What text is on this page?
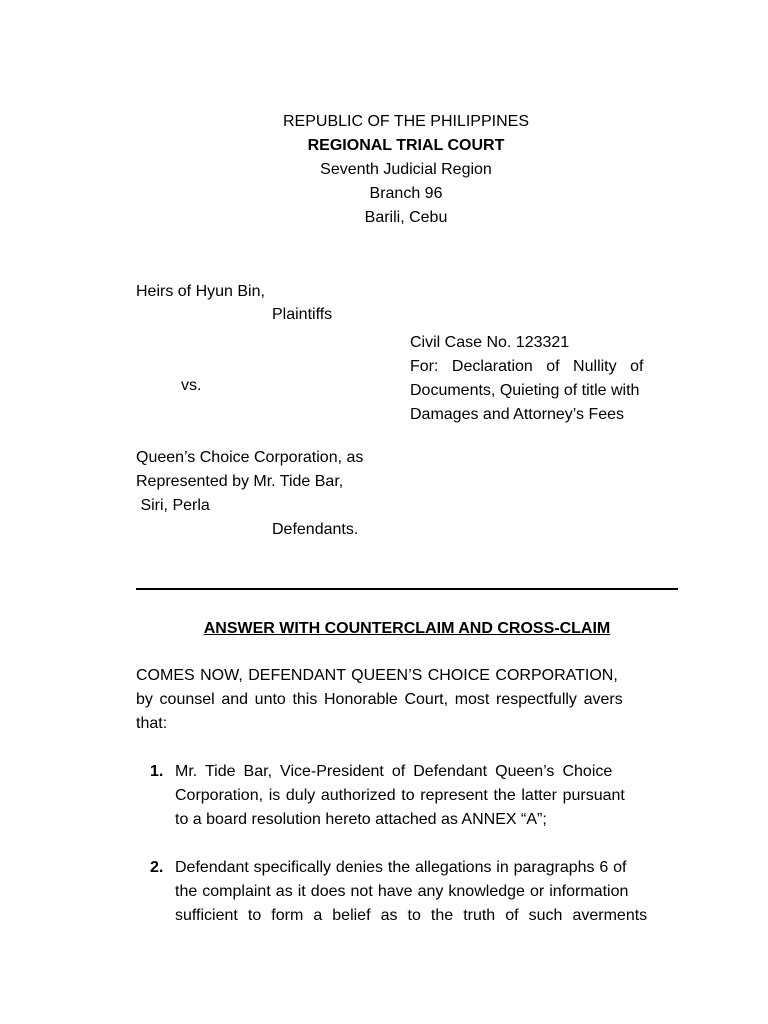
REPUBLIC OF THE PHILIPPINES
REGIONAL TRIAL COURT
Seventh Judicial Region
Branch 96
Barili, Cebu
Heirs of Hyun Bin,
Plaintiffs
vs.
Queen’s Choice Corporation, as
Represented by Mr. Tide Bar,
Siri, Perla
Defendants.
Civil Case No. 123321
For: Declaration of Nullity of
Documents, Quieting of title with
Damages and Attorney’s Fees
ANSWER WITH COUNTERCLAIM AND CROSS-CLAIM
COMES NOW, DEFENDANT QUEEN’S CHOICE CORPORATION,
by counsel and unto this Honorable Court, most respectfully avers
that:
1. Mr. Tide Bar, Vice-President of Defendant Queen’s Choice
Corporation, is duly authorized to represent the latter pursuant
to a board resolution hereto attached as ANNEX “A”;
2. Defendant specifically denies the allegations in paragraphs 6 of
the complaint as it does not have any knowledge or information
sufficient to form a belief as to the truth of such averments
